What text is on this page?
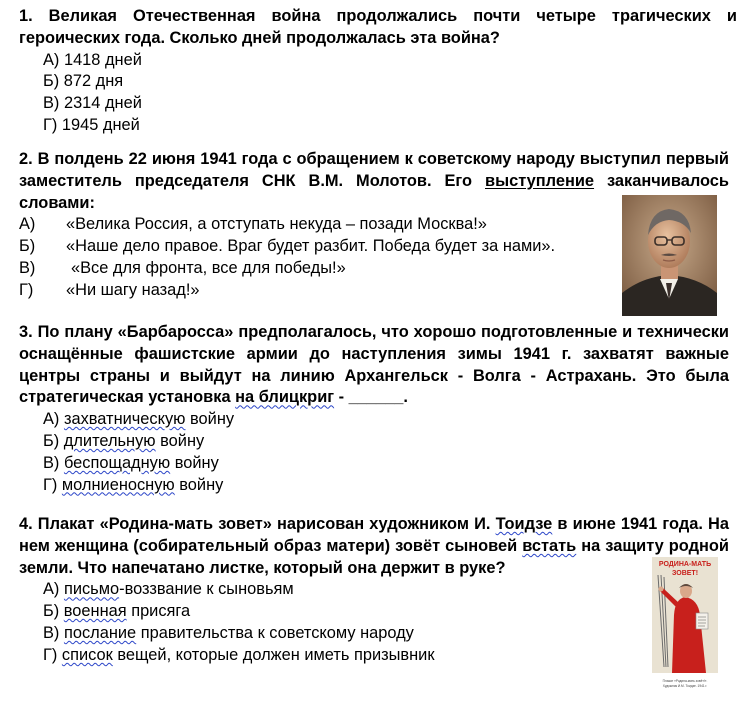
1. Великая Отечественная война продолжались почти четыре трагических и героических года. Сколько дней продолжалась эта война?
А) 1418 дней
Б) 872 дня
В) 2314 дней
Г) 1945 дней
2. В полдень 22 июня 1941 года с обращением к советскому народу выступил первый заместитель председателя СНК В.М. Молотов. Его выступление заканчивалось словами:
А)	«Велика Россия, а отступать некуда – позади Москва!»
Б) «Наше дело правое. Враг будет разбит. Победа будет за нами».
В)	«Все для фронта, все для победы!»
Г)	«Ни шагу назад!»
3. По плану «Барбаросса» предполагалось, что хорошо подготовленные и технически оснащённые фашистские армии до наступления зимы 1941 г. захватят важные центры страны и выйдут на линию Архангельск - Волга - Астрахань. Это была стратегическая установка на блицкриг - ______.
А) захватническую войну
Б) длительную войну
В) беспощадную войну
Г) молниеносную войну
4. Плакат «Родина-мать зовет» нарисован художником И. Тоидзе в июне 1941 года. На нем женщина (собирательный образ матери) зовёт сыновей встать на защиту родной земли. Что напечатано листке, который она держит в руке?
А) письмо-воззвание к сыновьям
Б) военная присяга
В) послание правительства к советскому народу
Г) список вещей, которые должен иметь призывник
РОДИНА-МАТЬ
ЗОВЕТ!
Плакат «Родина-мать зовёт!».
Художник И.М. Тоидзе. 1941 г.
